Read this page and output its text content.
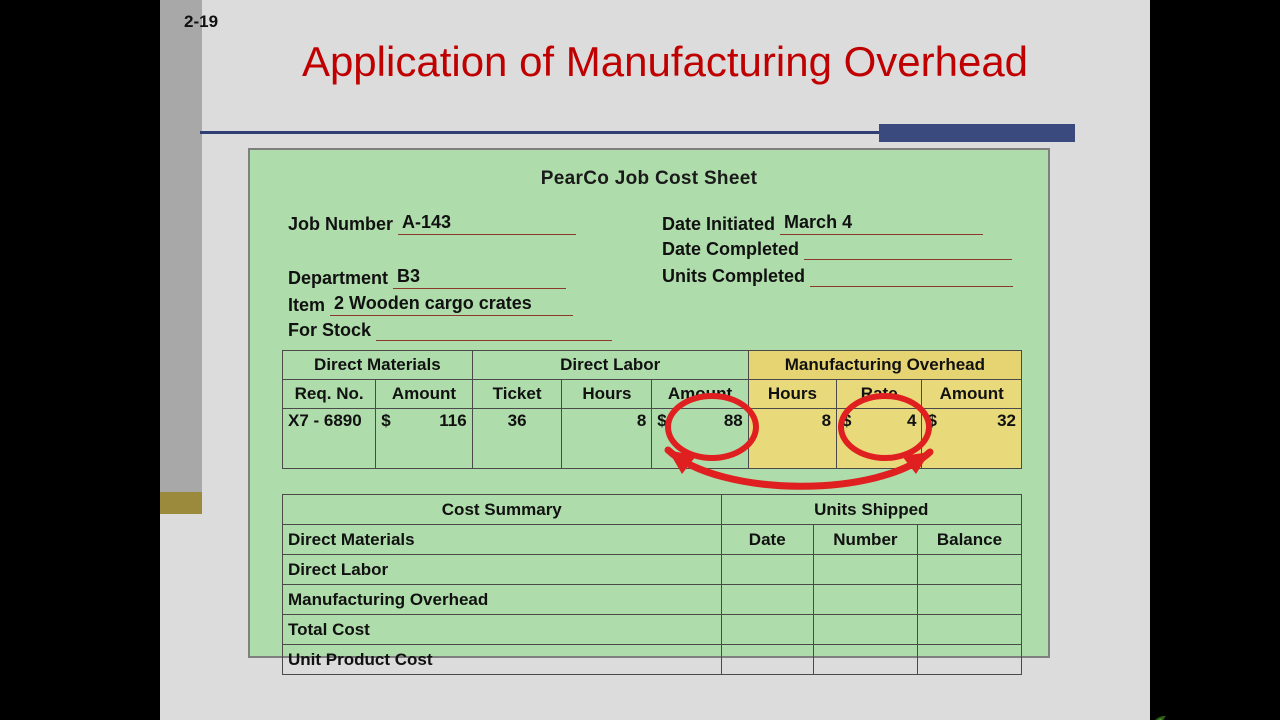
2-19
Application of Manufacturing Overhead
PearCo Job Cost Sheet
Job Number A-143	Date Initiated March 4
Date Completed
Department B3	Units Completed
Item 2 Wooden cargo crates
For Stock
Direct Materials		Direct Labor			Manufacturing Overhead		
Req. No.	Amount	Ticket	Hours	Amount	Hours	Rate	Amount
X7 - 6890	$ 116	36	8	$ 88	8	$ 4	$ 32

Cost Summary	Units Shipped		
Direct Materials	Date	Number	Balance
Direct Labor			
Manufacturing Overhead			
Total Cost			
Unit Product Cost			
